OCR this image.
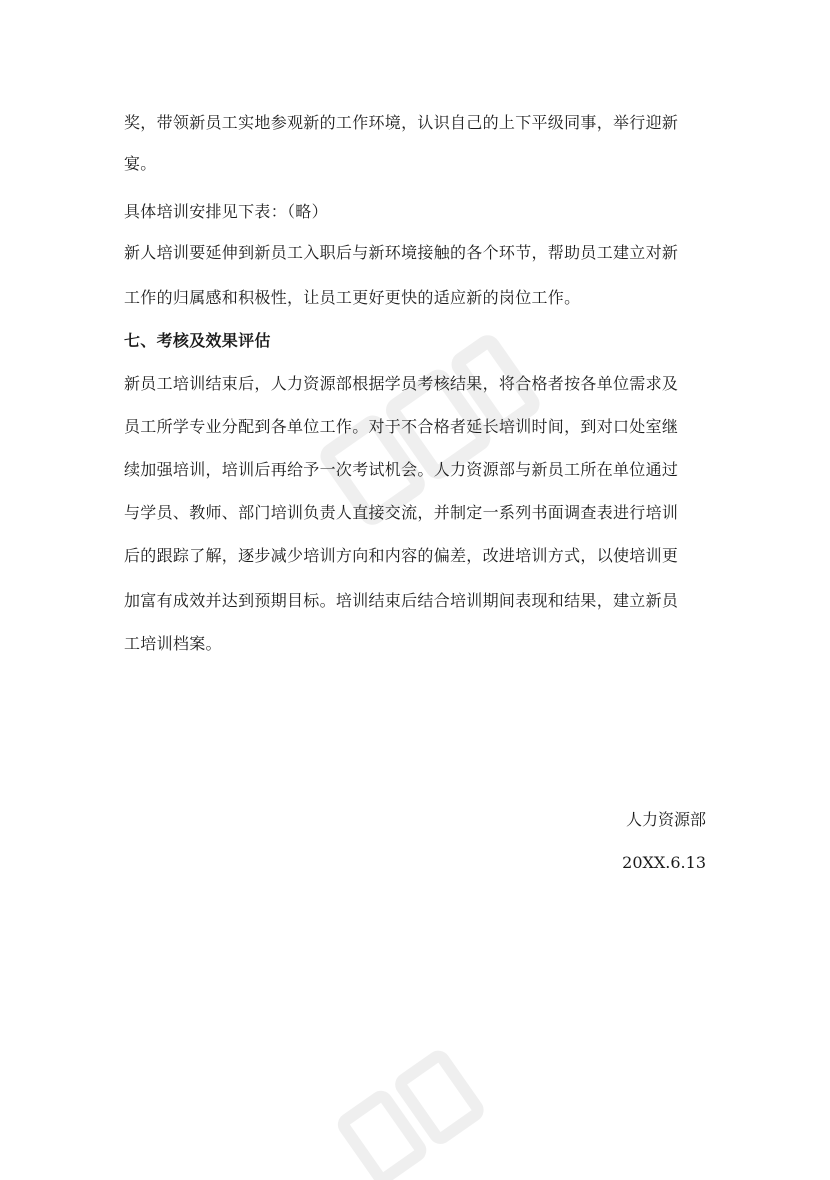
奖，带领新员工实地参观新的工作环境，认识自己的上下平级同事，举行迎新
宴。
具体培训安排见下表：（略）
新人培训要延伸到新员工入职后与新环境接触的各个环节，帮助员工建立对新
工作的归属感和积极性，让员工更好更快的适应新的岗位工作。
七、考核及效果评估
新员工培训结束后，人力资源部根据学员考核结果，将合格者按各单位需求及
员工所学专业分配到各单位工作。对于不合格者延长培训时间，到对口处室继
续加强培训，培训后再给予一次考试机会。人力资源部与新员工所在单位通过
与学员、教师、部门培训负责人直接交流，并制定一系列书面调查表进行培训
后的跟踪了解，逐步减少培训方向和内容的偏差，改进培训方式，以使培训更
加富有成效并达到预期目标。培训结束后结合培训期间表现和结果，建立新员
工培训档案。
人力资源部
20XX.6.13
